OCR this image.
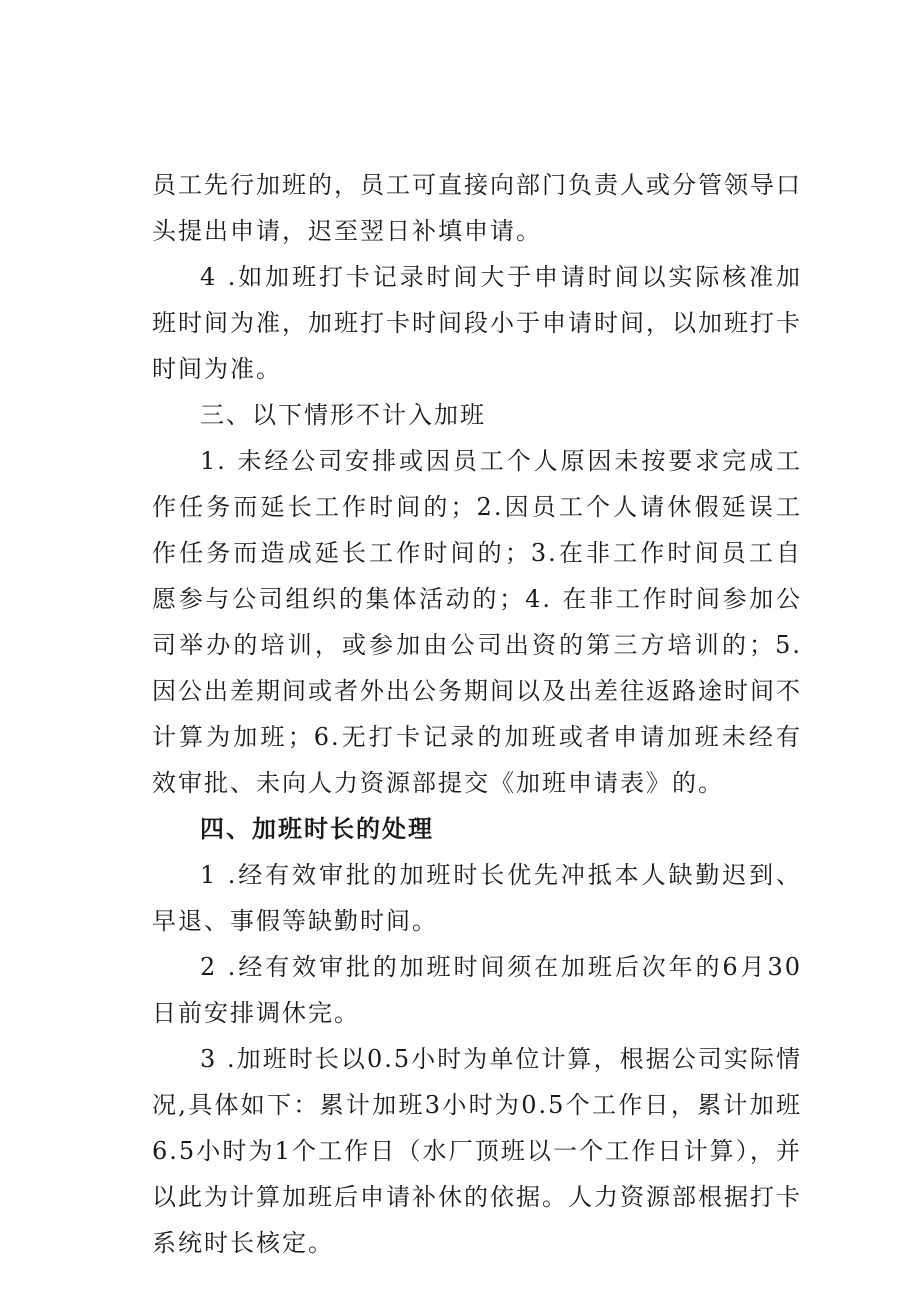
员工先行加班的，员工可直接向部门负责人或分管领导口头提出申请，迟至翌日补填申请。

4 .如加班打卡记录时间大于申请时间以实际核准加班时间为准，加班打卡时间段小于申请时间，以加班打卡时间为准。

三、以下情形不计入加班

1. 未经公司安排或因员工个人原因未按要求完成工作任务而延长工作时间的；2.因员工个人请休假延误工作任务而造成延长工作时间的；3.在非工作时间员工自愿参与公司组织的集体活动的；4. 在非工作时间参加公司举办的培训，或参加由公司出资的第三方培训的；5.因公出差期间或者外出公务期间以及出差往返路途时间不计算为加班；6.无打卡记录的加班或者申请加班未经有效审批、未向人力资源部提交《加班申请表》的。

四、加班时长的处理

1 .经有效审批的加班时长优先冲抵本人缺勤迟到、早退、事假等缺勤时间。

2 .经有效审批的加班时间须在加班后次年的6月30日前安排调休完。

3 .加班时长以0.5小时为单位计算，根据公司实际情况,具体如下：累计加班3小时为0.5个工作日，累计加班6.5小时为1个工作日（水厂顶班以一个工作日计算），并以此为计算加班后申请补休的依据。人力资源部根据打卡系统时长核定。
